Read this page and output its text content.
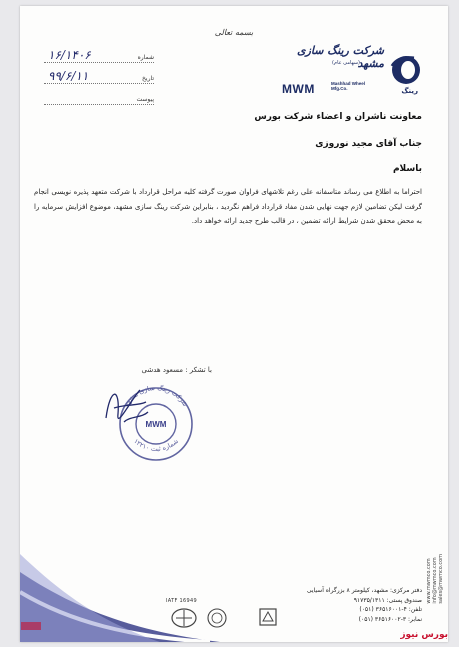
بسمه تعالی
شرکت رینگ سازی مشهد
(سهامی عام)
رینگ
MWM	Mashhad Wheel
Mfg.Co.
شماره
۱۶/۱۴۰۶
تاریخ
۹۹/۶/۱۱
پیوست
معاونت ناشران و اعضاء شرکت بورس
جناب آقای مجید نوروزی
باسلام
احتراما به اطلاع می رساند متاسفانه علی رغم تلاشهای فراوان صورت گرفته کلیه مراحل قرارداد با شرکت متعهد پذیره نویسی انجام گرفت لیکن تضامین لازم جهت نهایی شدن مفاد قرارداد فراهم نگردید ، بنابراین شرکت رینگ سازی مشهد، موضوع افزایش سرمایه را به محض محقق شدن شرایط ارائه تضمین ، در قالب طرح جدید ارائه خواهد داد.
با تشکر : مسعود هدشی
شرکت رینگ سازی مشهد
شماره ثبت ۱۲۲۱۰
MWM
www.mwmco.com info@mwmco.com sales@mwmco.com
دفتر مرکزی: مشهد، کیلومتر ۸ بزرگراه آسیایی
صندوق پستی: ۹۱۷۳۵/۱۳۱۱
تلفن: ۴-۳۶۵۱۶۰۰۱ (۰۵۱)
نمابر: ۳-۳۶۵۱۶۰۰۲ (۰۵۱)
IATF 16949
بورس نیوز
